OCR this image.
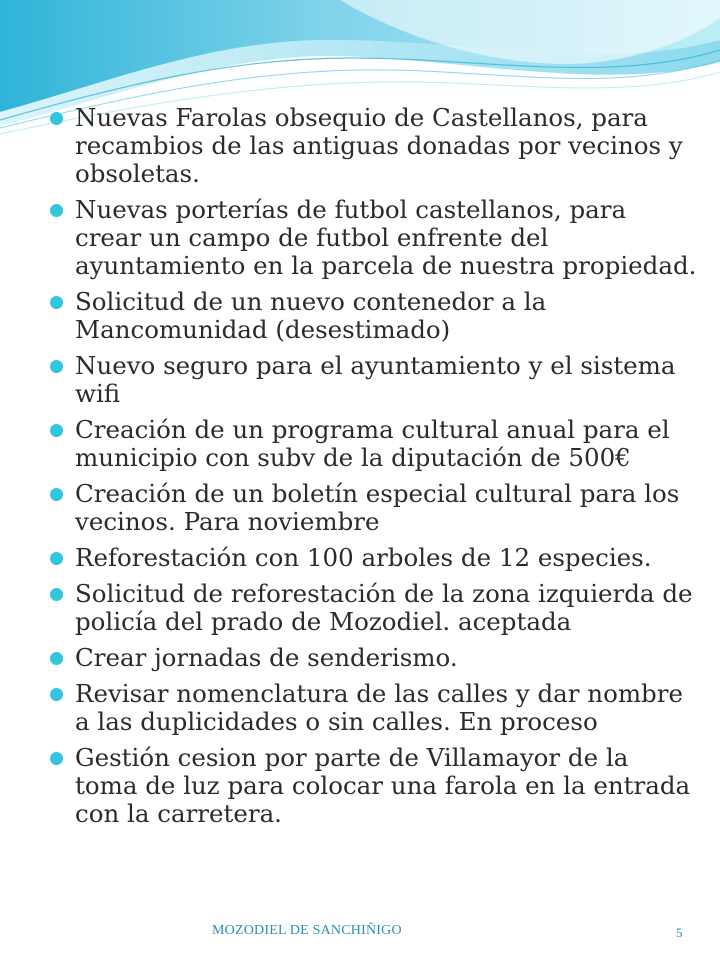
Nuevas Farolas obsequio de Castellanos, para recambios de las antiguas donadas por vecinos y obsoletas.
Nuevas porterías de futbol castellanos, para crear un campo de futbol enfrente del ayuntamiento en la parcela de nuestra propiedad.
Solicitud de un nuevo contenedor a la Mancomunidad (desestimado)
Nuevo seguro para el ayuntamiento y el sistema wifi
Creación de un programa cultural anual para el municipio con subv de la diputación de 500€
Creación de un boletín especial cultural para los vecinos. Para noviembre
Reforestación con 100 arboles de 12 especies.
Solicitud de reforestación de la zona izquierda de policía del prado de Mozodiel. aceptada
Crear jornadas de senderismo.
Revisar nomenclatura de las calles y dar nombre a las duplicidades o sin calles. En proceso
Gestión cesion por parte de Villamayor de la toma de luz para colocar una farola en la entrada con la carretera.
MOZODIEL DE SANCHIÑIGO	5
